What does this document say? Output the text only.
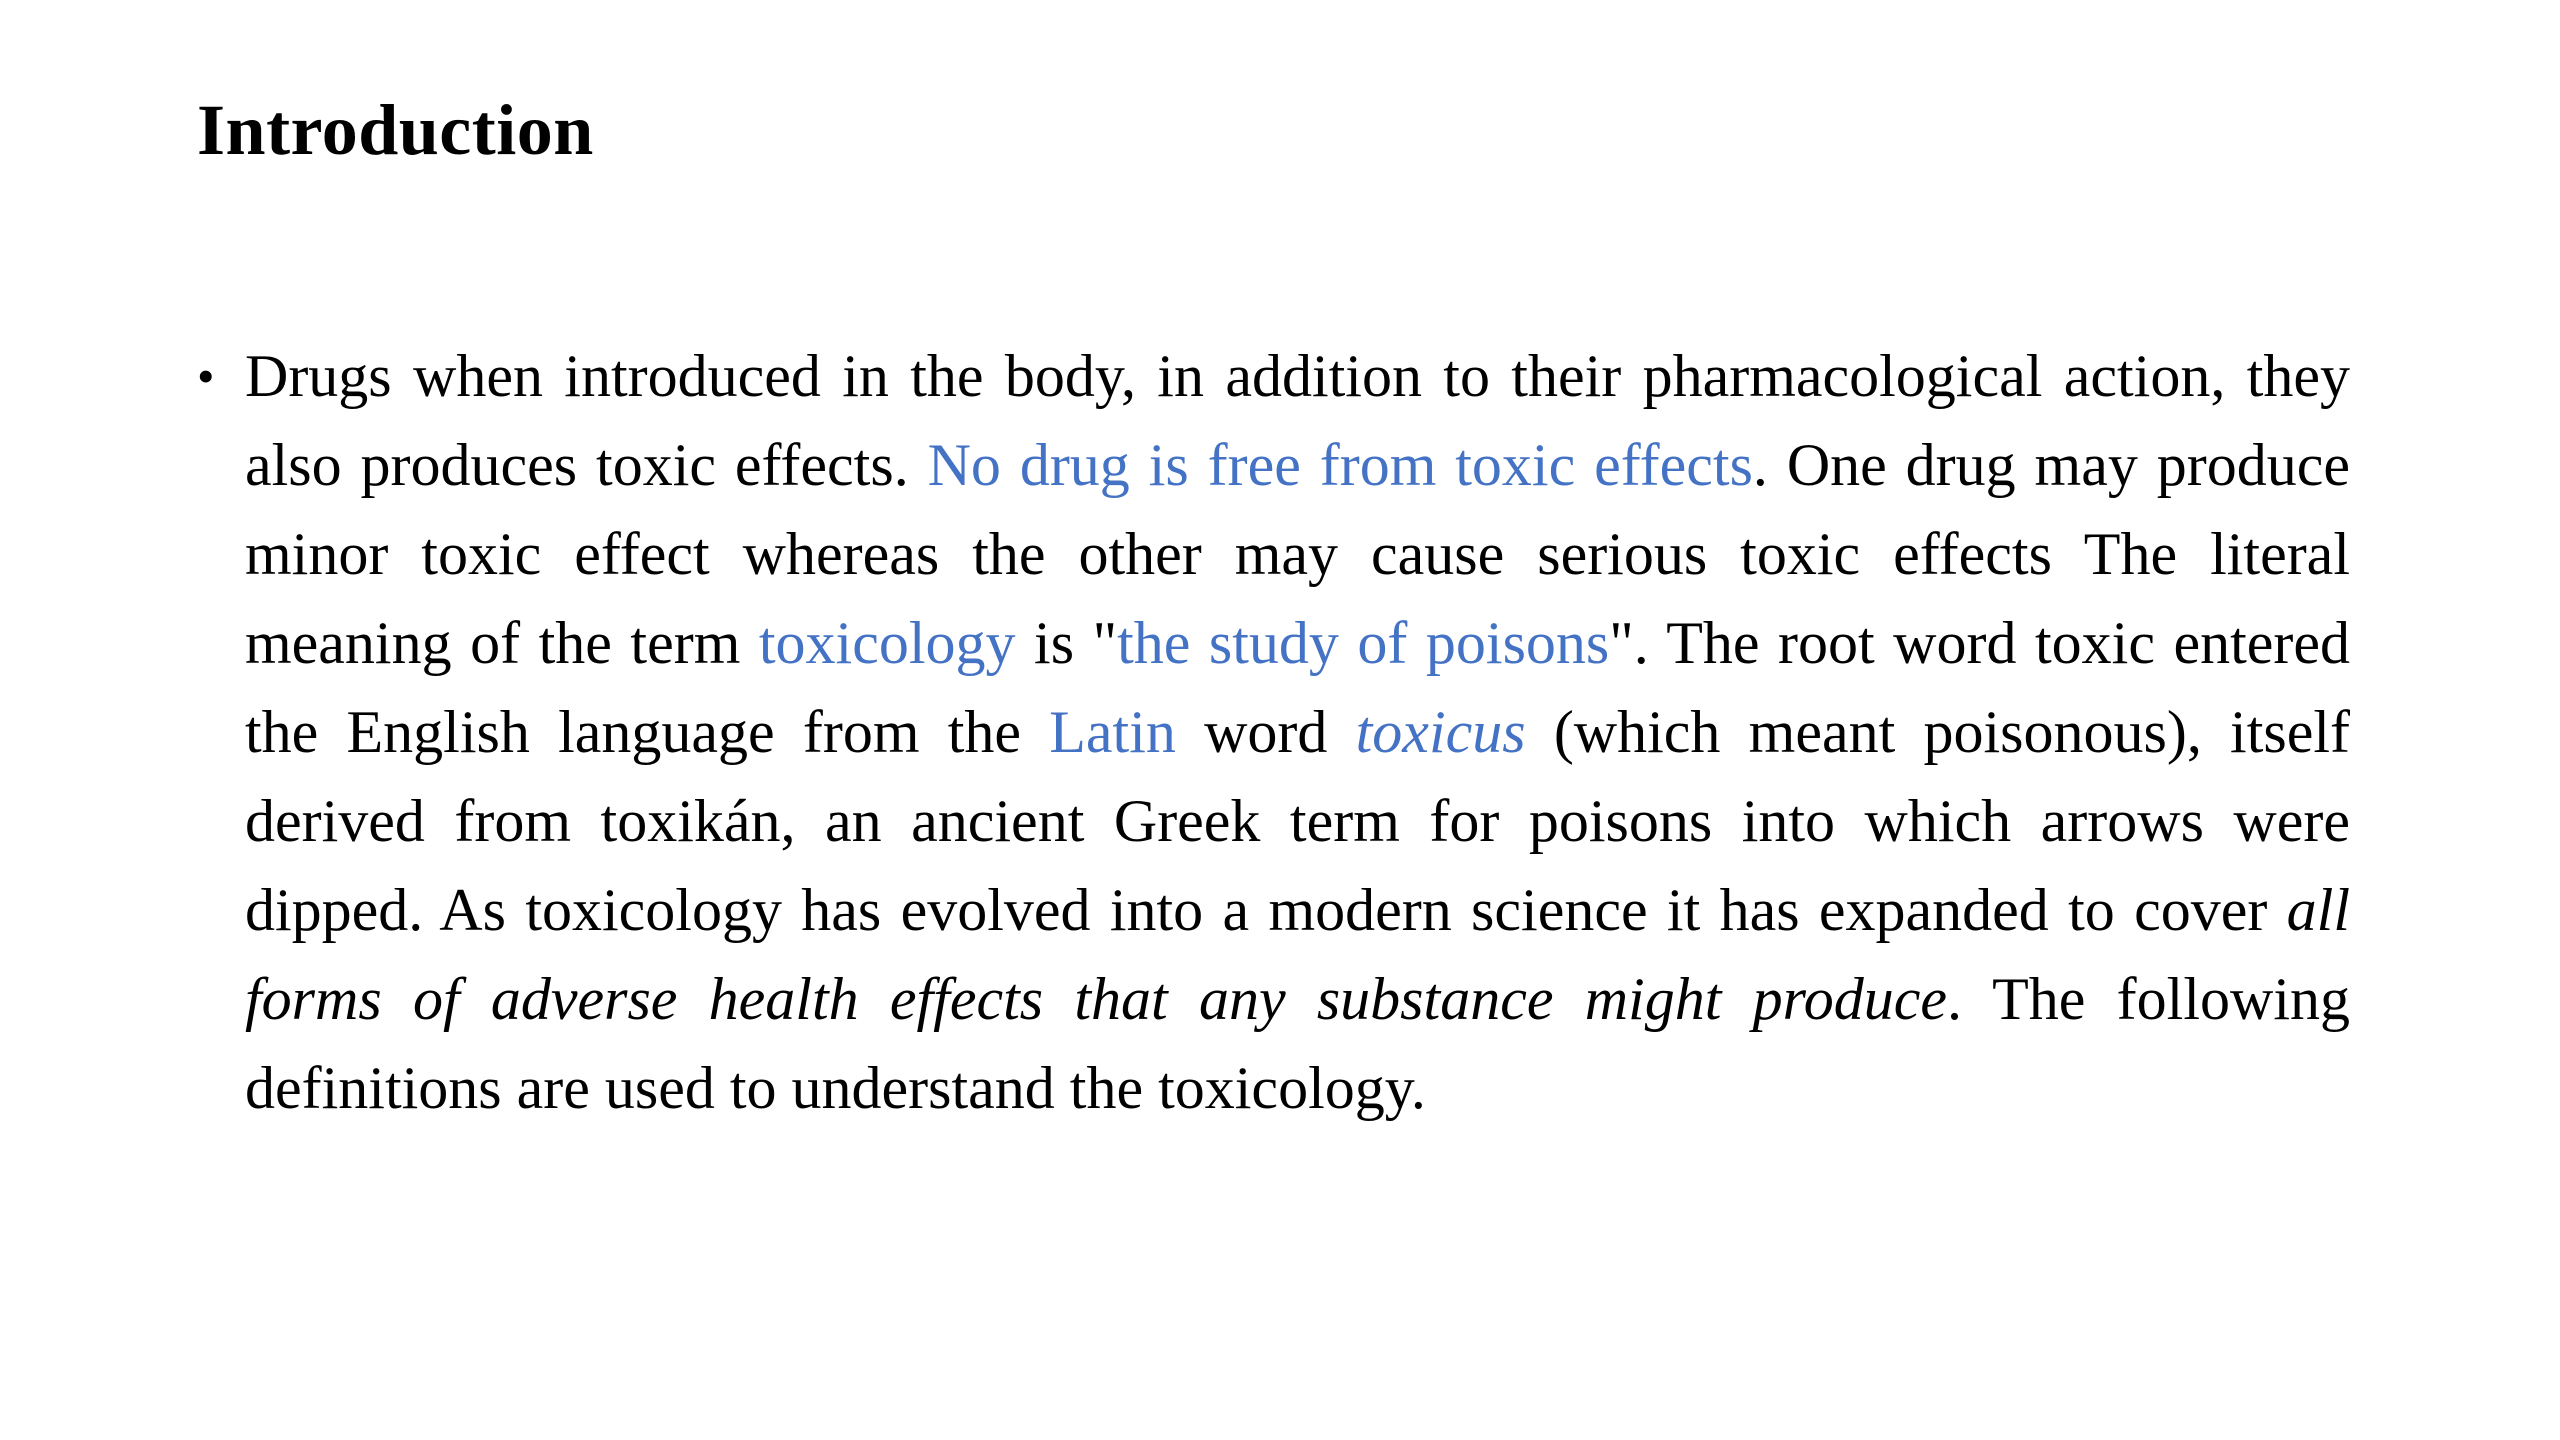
Introduction
• Drugs when introduced in the body, in addition to their pharmacological action, they also produces toxic effects. No drug is free from toxic effects. One drug may produce minor toxic effect whereas the other may cause serious toxic effects The literal meaning of the term toxicology is "the study of poisons". The root word toxic entered the English language from the Latin word toxicus (which meant poisonous), itself derived from toxikán, an ancient Greek term for poisons into which arrows were dipped. As toxicology has evolved into a modern science it has expanded to cover all forms of adverse health effects that any substance might produce. The following definitions are used to understand the toxicology.
